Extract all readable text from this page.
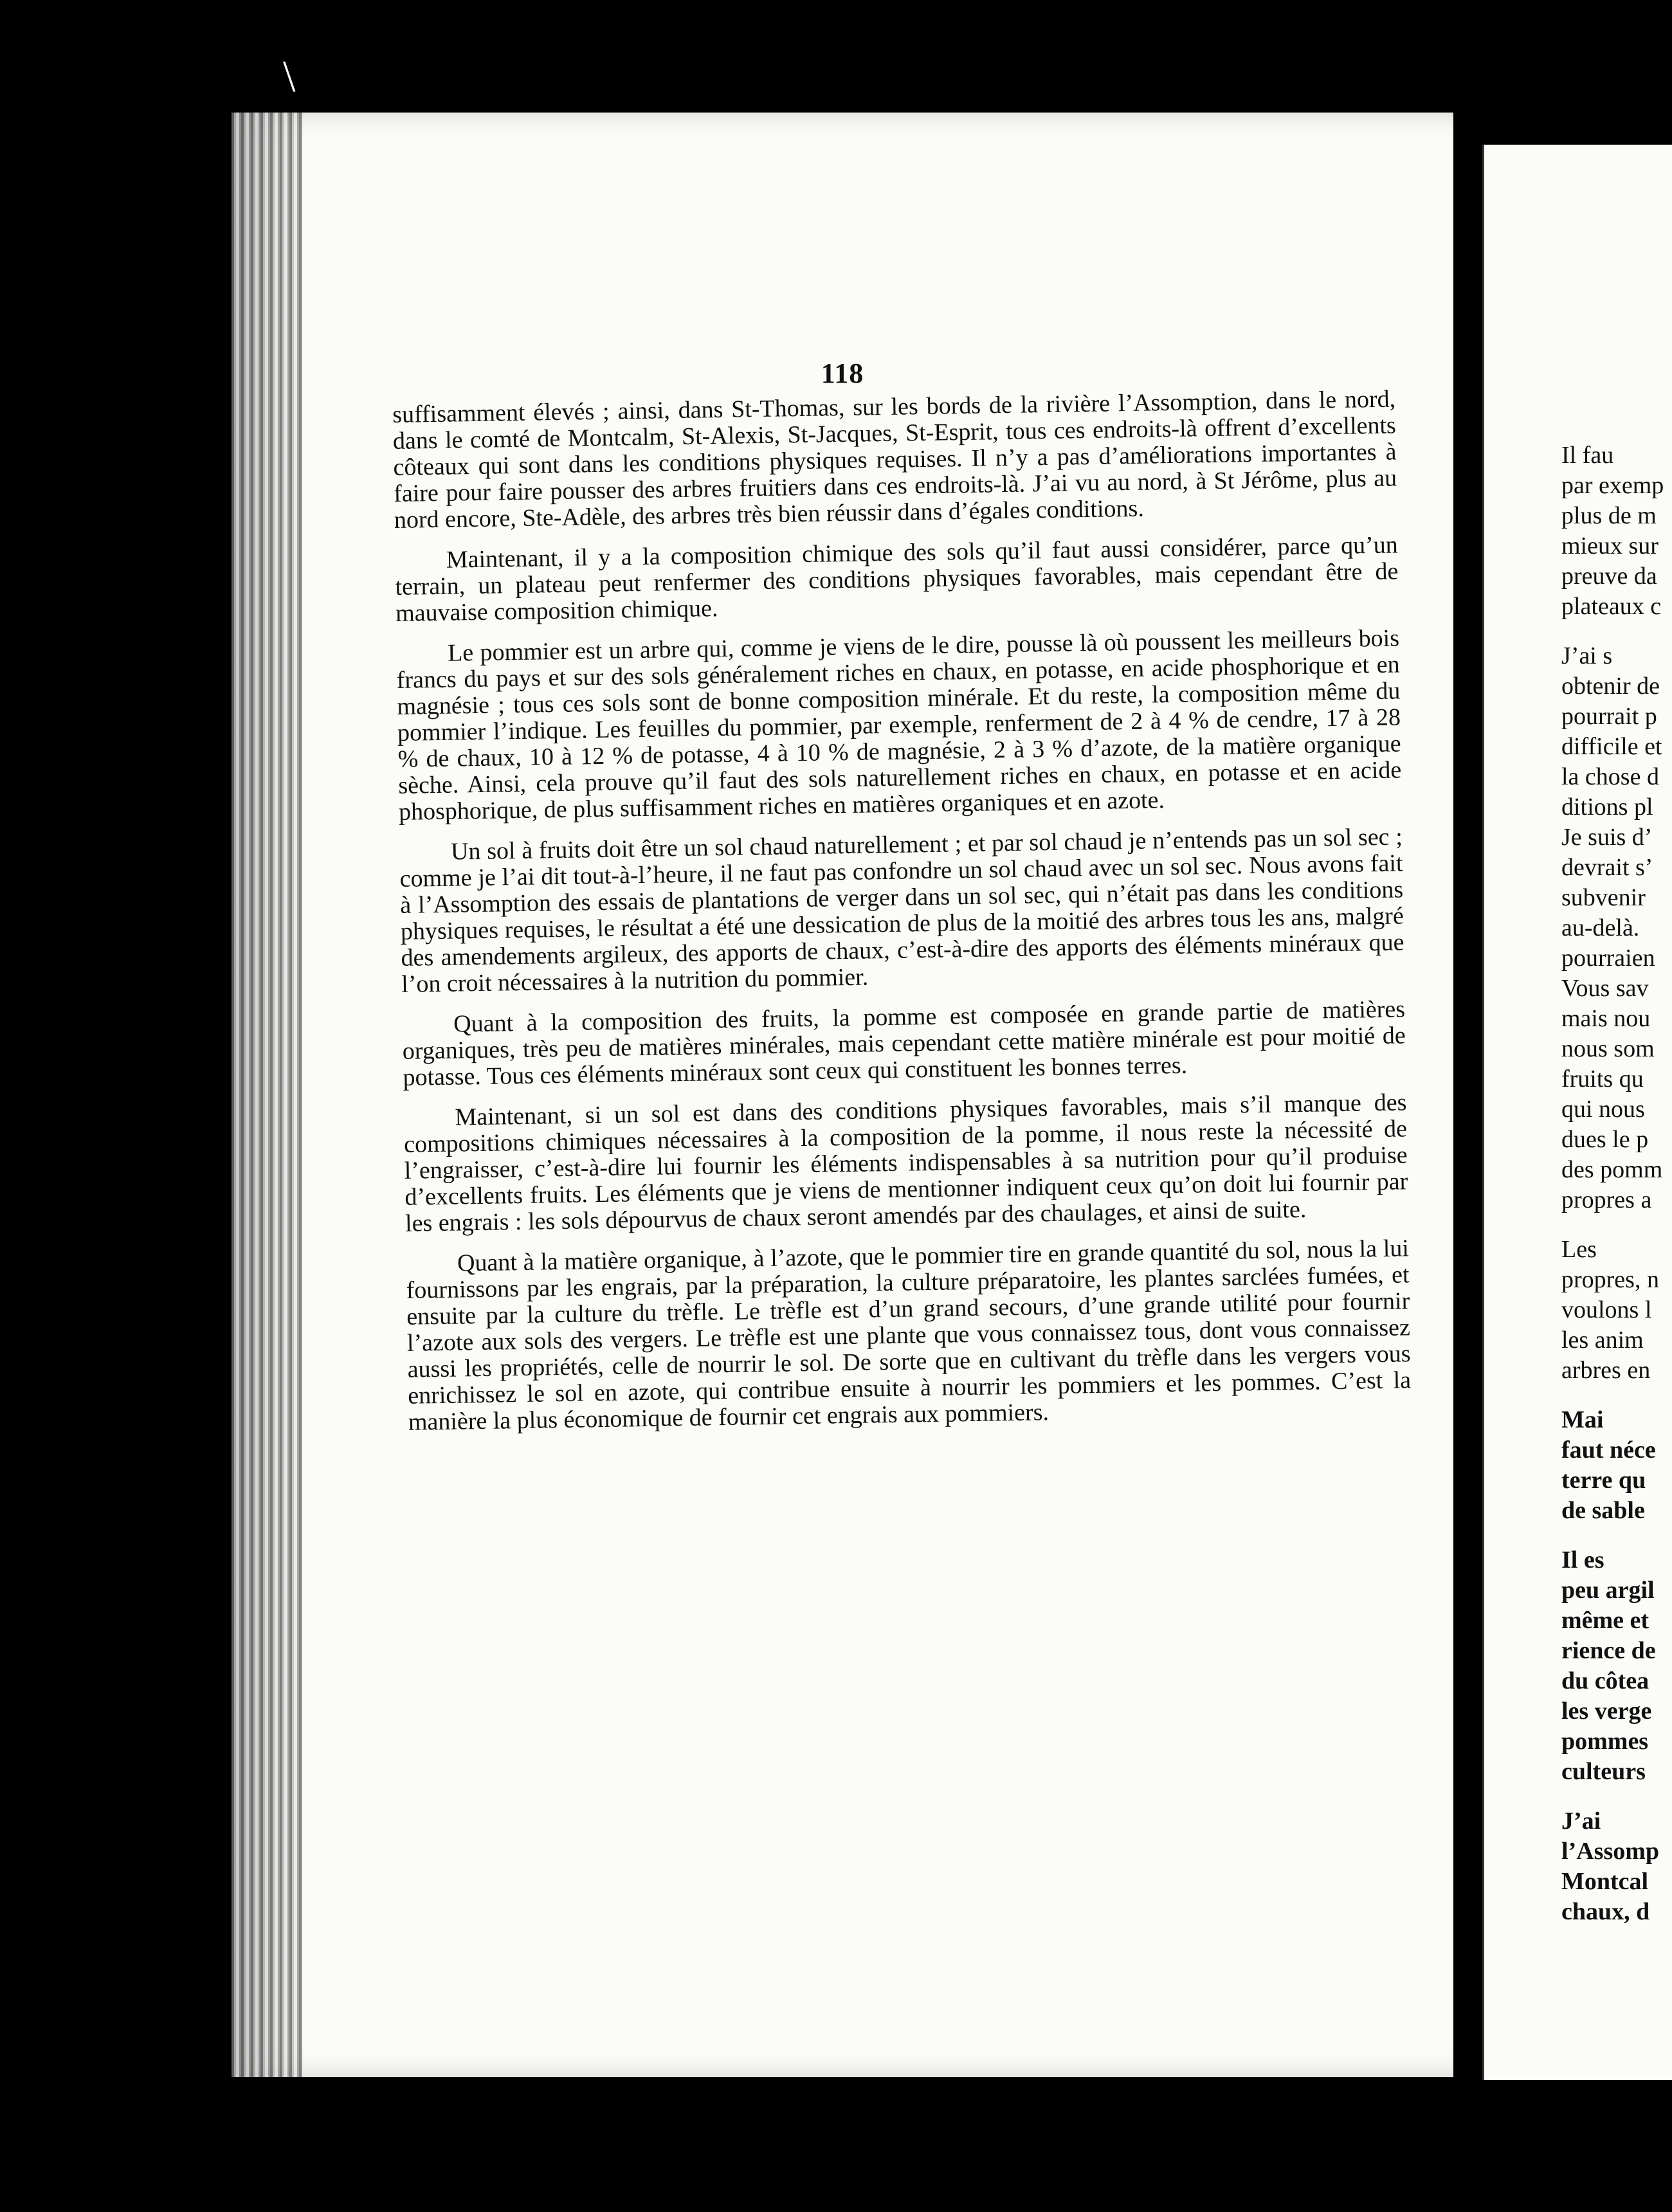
\
118

suffisamment élevés ; ainsi, dans St-Thomas, sur les bords de la rivière l’Assomption, dans le nord, dans le comté de Montcalm, St-Alexis, St-Jacques, St-Esprit, tous ces endroits-là offrent d’excellents côteaux qui sont dans les conditions physiques requises. Il n’y a pas d’améliorations importantes à faire pour faire pousser des arbres fruitiers dans ces endroits-là. J’ai vu au nord, à St Jérôme, plus au nord encore, Ste-Adèle, des arbres très bien réussir dans d’égales conditions.

Maintenant, il y a la composition chimique des sols qu’il faut aussi considérer, parce qu’un terrain, un plateau peut renfermer des conditions physiques favorables, mais cependant être de mauvaise composition chimique.

Le pommier est un arbre qui, comme je viens de le dire, pousse là où poussent les meilleurs bois francs du pays et sur des sols généralement riches en chaux, en potasse, en acide phosphorique et en magnésie ; tous ces sols sont de bonne composition minérale. Et du reste, la composition même du pommier l’indique. Les feuilles du pommier, par exemple, renferment de 2 à 4 % de cendre, 17 à 28 % de chaux, 10 à 12 % de potasse, 4 à 10 % de magnésie, 2 à 3 % d’azote, de la matière organique sèche. Ainsi, cela prouve qu’il faut des sols naturellement riches en chaux, en potasse et en acide phosphorique, de plus suffisamment riches en matières organiques et en azote.

Un sol à fruits doit être un sol chaud naturellement ; et par sol chaud je n’entends pas un sol sec ; comme je l’ai dit tout-à-l’heure, il ne faut pas confondre un sol chaud avec un sol sec. Nous avons fait à l’Assomption des essais de plantations de verger dans un sol sec, qui n’était pas dans les conditions physiques requises, le résultat a été une dessication de plus de la moitié des arbres tous les ans, malgré des amendements argileux, des apports de chaux, c’est-à-dire des apports des éléments minéraux que l’on croit nécessaires à la nutrition du pommier.

Quant à la composition des fruits, la pomme est composée en grande partie de matières organiques, très peu de matières minérales, mais cependant cette matière minérale est pour moitié de potasse. Tous ces éléments minéraux sont ceux qui constituent les bonnes terres.

Maintenant, si un sol est dans des conditions physiques favorables, mais s’il manque des compositions chimiques nécessaires à la composition de la pomme, il nous reste la nécessité de l’engraisser, c’est-à-dire lui fournir les éléments indispensables à sa nutrition pour qu’il produise d’excellents fruits. Les éléments que je viens de mentionner indiquent ceux qu’on doit lui fournir par les engrais : les sols dépourvus de chaux seront amendés par des chaulages, et ainsi de suite.

Quant à la matière organique, à l’azote, que le pommier tire en grande quantité du sol, nous la lui fournissons par les engrais, par la préparation, la culture préparatoire, les plantes sarclées fumées, et ensuite par la culture du trèfle. Le trèfle est d’un grand secours, d’une grande utilité pour fournir l’azote aux sols des vergers. Le trèfle est une plante que vous connaissez tous, dont vous connaissez aussi les propriétés, celle de nourrir le sol. De sorte que en cultivant du trèfle dans les vergers vous enrichissez le sol en azote, qui contribue ensuite à nourrir les pommiers et les pommes. C’est la manière la plus économique de fournir cet engrais aux pommiers.

Il fau
par exemp
plus de m
mieux sur
preuve da
plateaux c
J’ai s
obtenir de
pourrait p
difficile et
la chose d
ditions pl
Je suis d’
devrait s’
subvenir
au-delà.
pourraien
Vous sav
mais nou
nous som
fruits qu
qui nous
dues le p
des pomm
propres a
Les
propres, n
voulons l
les anim
arbres en
Mai
faut néce
terre qu
de sable
Il es
peu argil
même et
rience de
du côtea
les verge
pommes
culteurs
J’ai
l’Assomp
Montcal
chaux, d
